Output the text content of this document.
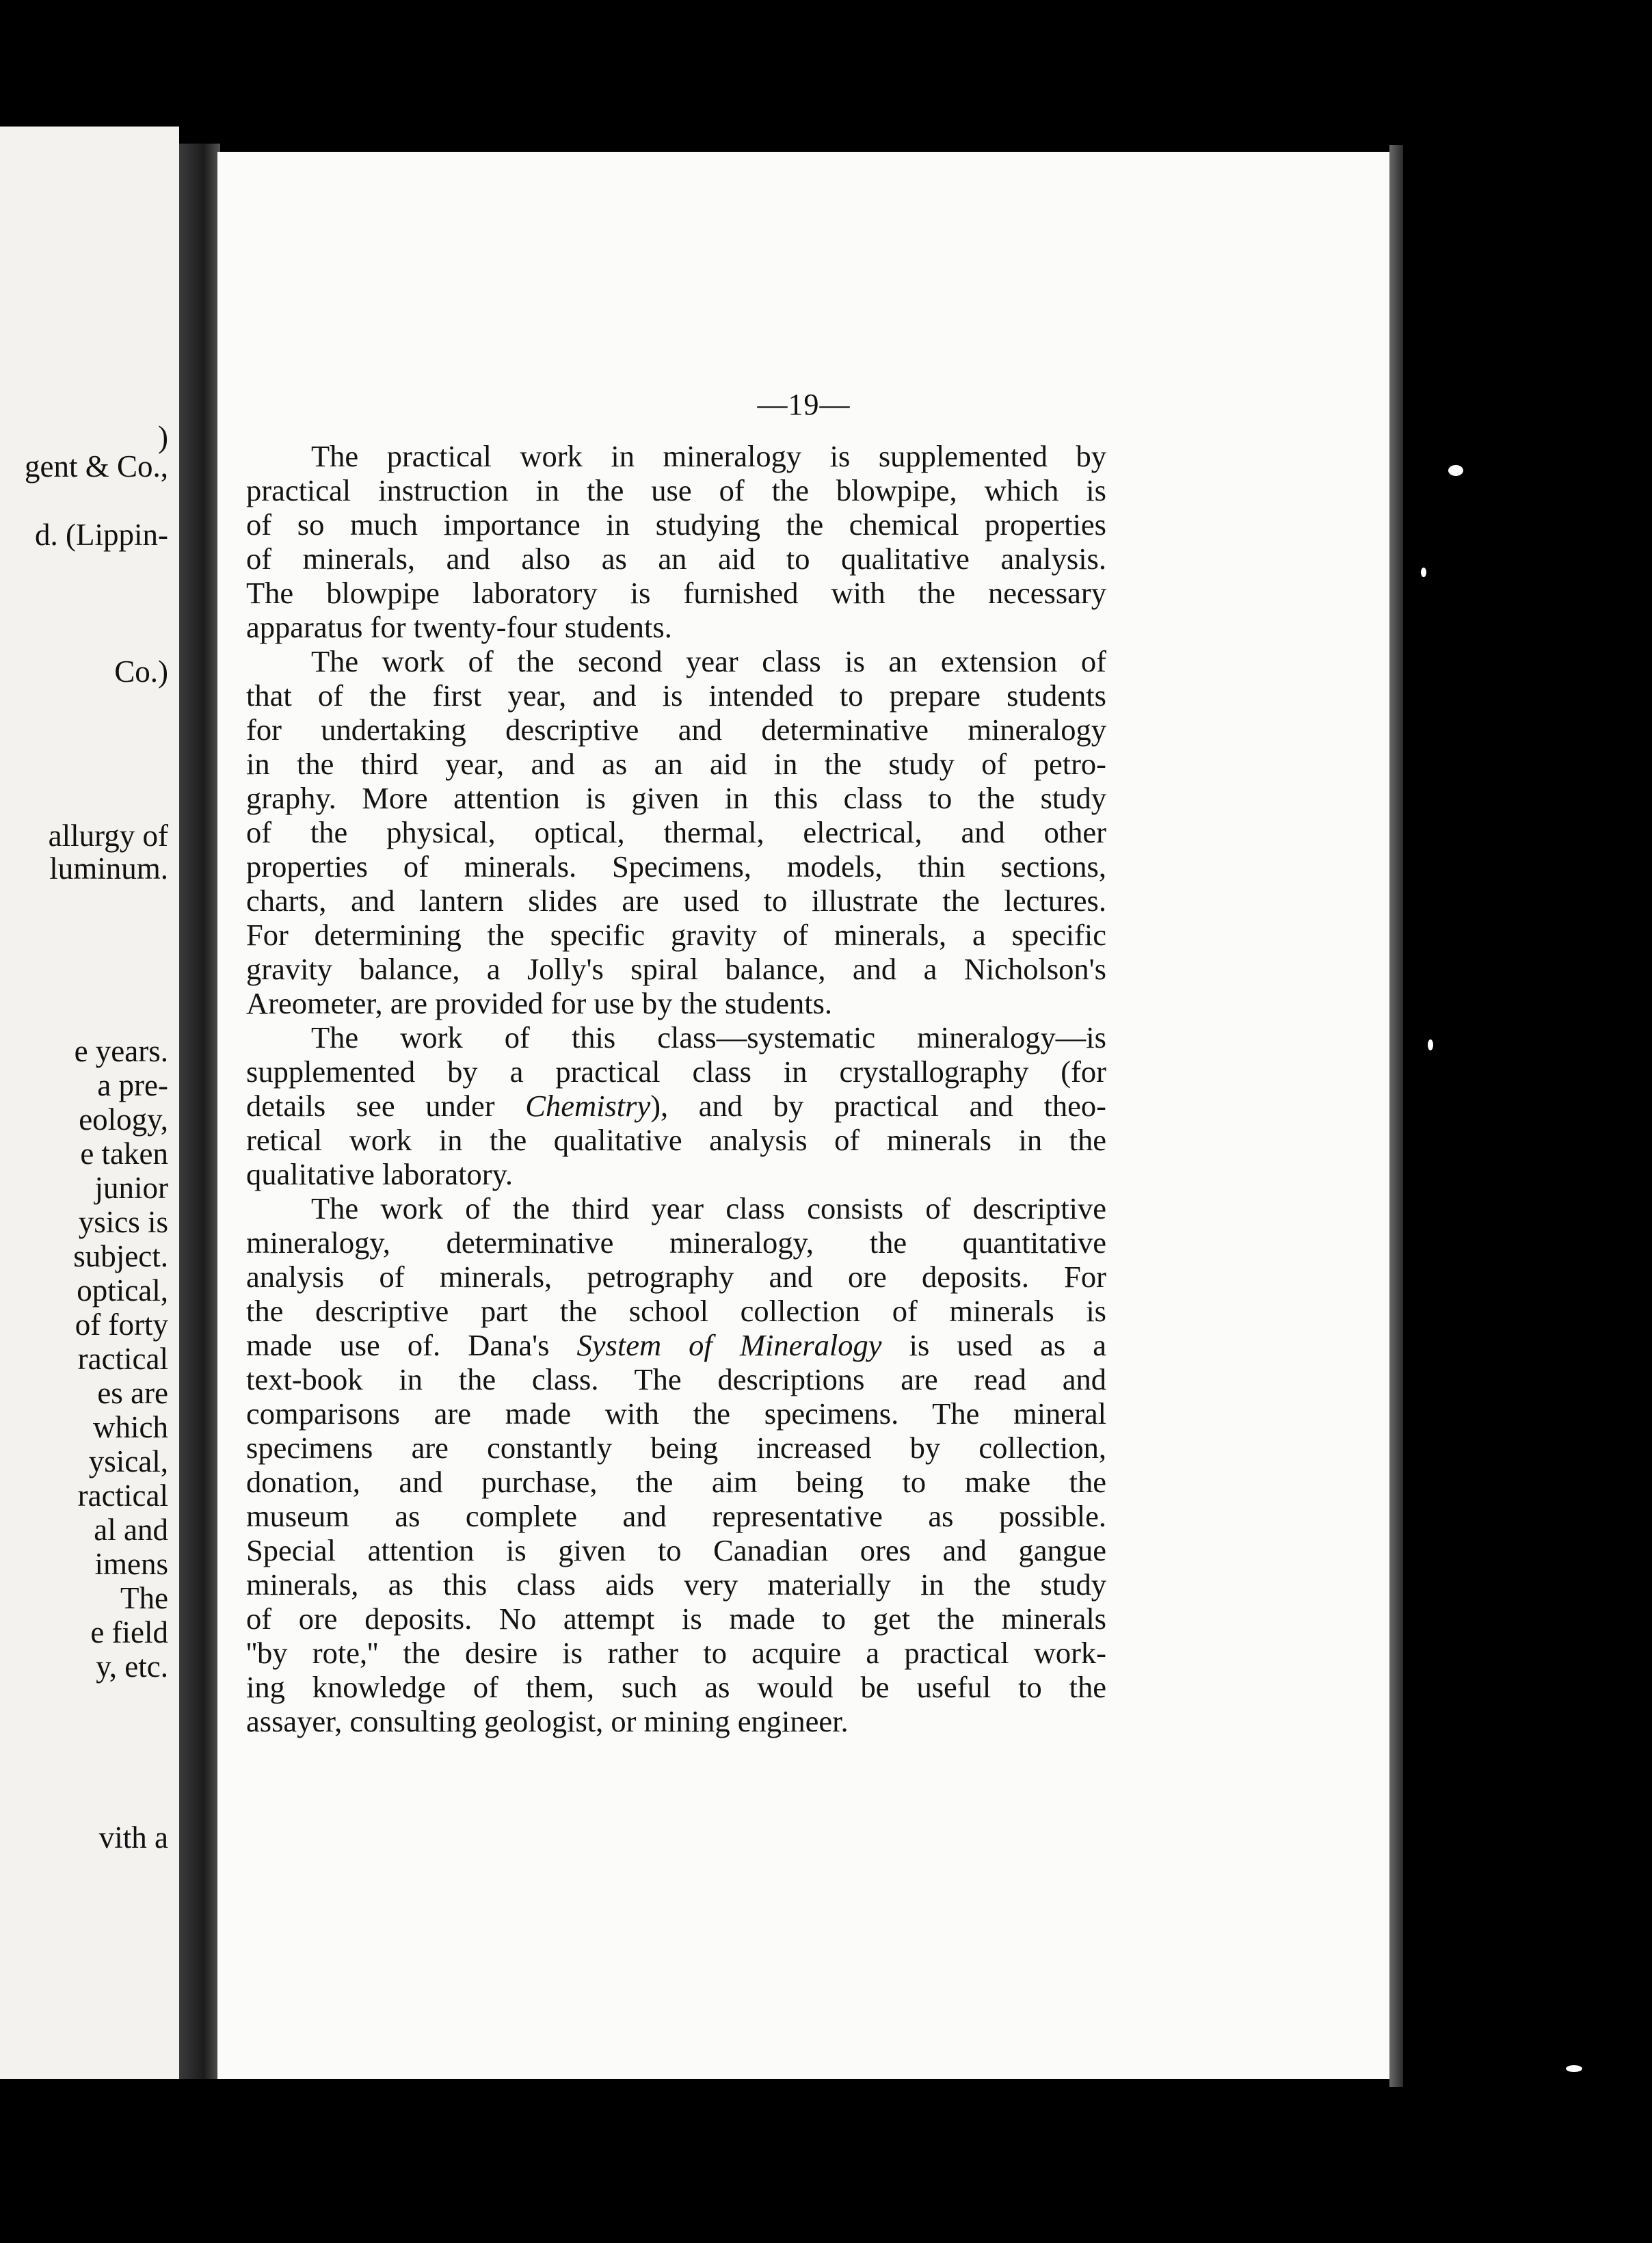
)
gent & Co.,
d. (Lippin-
Co.)
allurgy of
luminum.
e years.
a pre-
eology,
e taken
junior
ysics is
subject.
optical,
of forty
ractical
es are
which
ysical,
ractical
al and
imens
The
e field
y, etc.
vith a
—19—
The practical work in mineralogy is supplemented by
practical instruction in the use of the blowpipe, which is
of so much importance in studying the chemical properties
of minerals, and also as an aid to qualitative analysis.
The blowpipe laboratory is furnished with the necessary
apparatus for twenty-four students.
The work of the second year class is an extension of
that of the first year, and is intended to prepare students
for undertaking descriptive and determinative mineralogy
in the third year, and as an aid in the study of petro-
graphy. More attention is given in this class to the study
of the physical, optical, thermal, electrical, and other
properties of minerals. Specimens, models, thin sections,
charts, and lantern slides are used to illustrate the lectures.
For determining the specific gravity of minerals, a specific
gravity balance, a Jolly's spiral balance, and a Nicholson's
Areometer, are provided for use by the students.
The work of this class—systematic mineralogy—is
supplemented by a practical class in crystallography (for
details see under Chemistry), and by practical and theo-
retical work in the qualitative analysis of minerals in the
qualitative laboratory.
The work of the third year class consists of descriptive
mineralogy, determinative mineralogy, the quantitative
analysis of minerals, petrography and ore deposits. For
the descriptive part the school collection of minerals is
made use of. Dana's System of Mineralogy is used as a
text-book in the class. The descriptions are read and
comparisons are made with the specimens. The mineral
specimens are constantly being increased by collection,
donation, and purchase, the aim being to make the
museum as complete and representative as possible.
Special attention is given to Canadian ores and gangue
minerals, as this class aids very materially in the study
of ore deposits. No attempt is made to get the minerals
''by rote,'' the desire is rather to acquire a practical work-
ing knowledge of them, such as would be useful to the
assayer, consulting geologist, or mining engineer.
